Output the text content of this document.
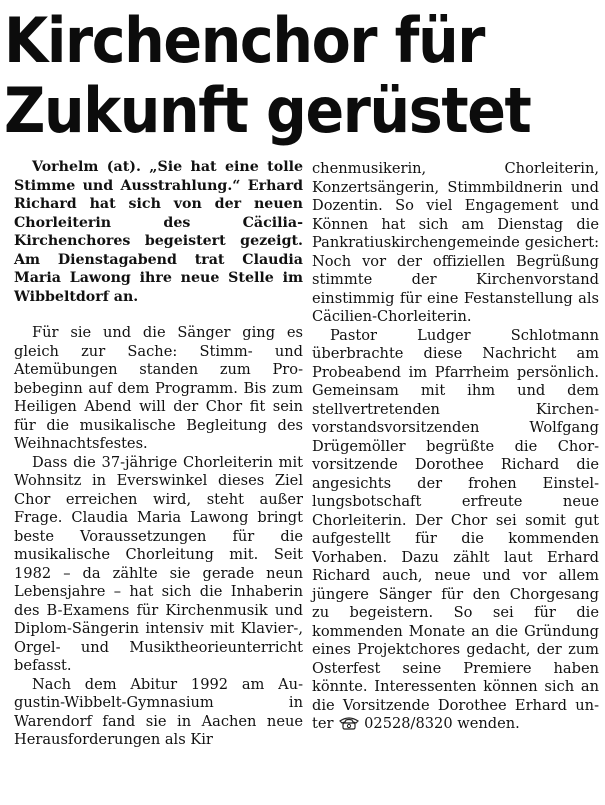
Kirchenchor für
Zukunft gerüstet

Vorhelm (at). „Sie hat eine tolle Stimme und Ausstrahlung.“ Erhard Richard hat sich von der neuen Chorleiterin des Cäcilia-Kirchenchores begeistert gezeigt. Am Dienstagabend trat Claudia Maria Lawong ihre neue Stelle im Wibbeltdorf an.

Für sie und die Sänger ging es gleich zur Sache: Stimm- und Atemübungen standen zum Probebeginn auf dem Programm. Bis zum Heiligen Abend will der Chor fit sein für die musikalische Begleitung des Weihnachtsfestes.

Dass die 37-jährige Chorleiterin mit Wohnsitz in Everswinkel dieses Ziel Chor erreichen wird, steht außer Frage. Claudia Maria Lawong bringt beste Voraussetzungen für die musikalische Chorleitung mit. Seit 1982 – da zählte sie gerade neun Lebensjahre – hat sich die Inhaberin des B-Examens für Kirchenmusik und Diplom-Sängerin intensiv mit Klavier-, Orgel- und Musiktheorieunterricht befasst.

Nach dem Abitur 1992 am Augustin-Wibbelt-Gymnasium in Warendorf fand sie in Aachen neue Herausforderungen als Kir

chenmusikerin, Chorleiterin, Konzertsängerin, Stimmbildnerin und Dozentin. So viel Engagement und Können hat sich am Dienstag die Pankratiuskirchengemeinde gesichert: Noch vor der offiziellen Begrüßung stimmte der Kirchenvorstand einstimmig für eine Festanstellung als Cäcilien-Chorleiterin.

Pastor Ludger Schlotmann überbrachte diese Nachricht am Probeabend im Pfarrheim persönlich. Gemeinsam mit ihm und dem stellvertretenden Kirchenvorstandsvorsitzenden Wolfgang Drügemöller begrüßte die Chorvorsitzende Dorothee Richard die angesichts der frohen Einstellungsbotschaft erfreute neue Chorleiterin. Der Chor sei somit gut aufgestellt für die kommenden Vorhaben. Dazu zählt laut Erhard Richard auch, neue und vor allem jüngere Sänger für den Chorgesang zu begeistern. So sei für die kommenden Monate an die Gründung eines Projektchores gedacht, der zum Osterfest seine Premiere haben könnte. Interessenten können sich an die Vorsitzende Dorothee Erhard unter 02528/8320 wenden.
